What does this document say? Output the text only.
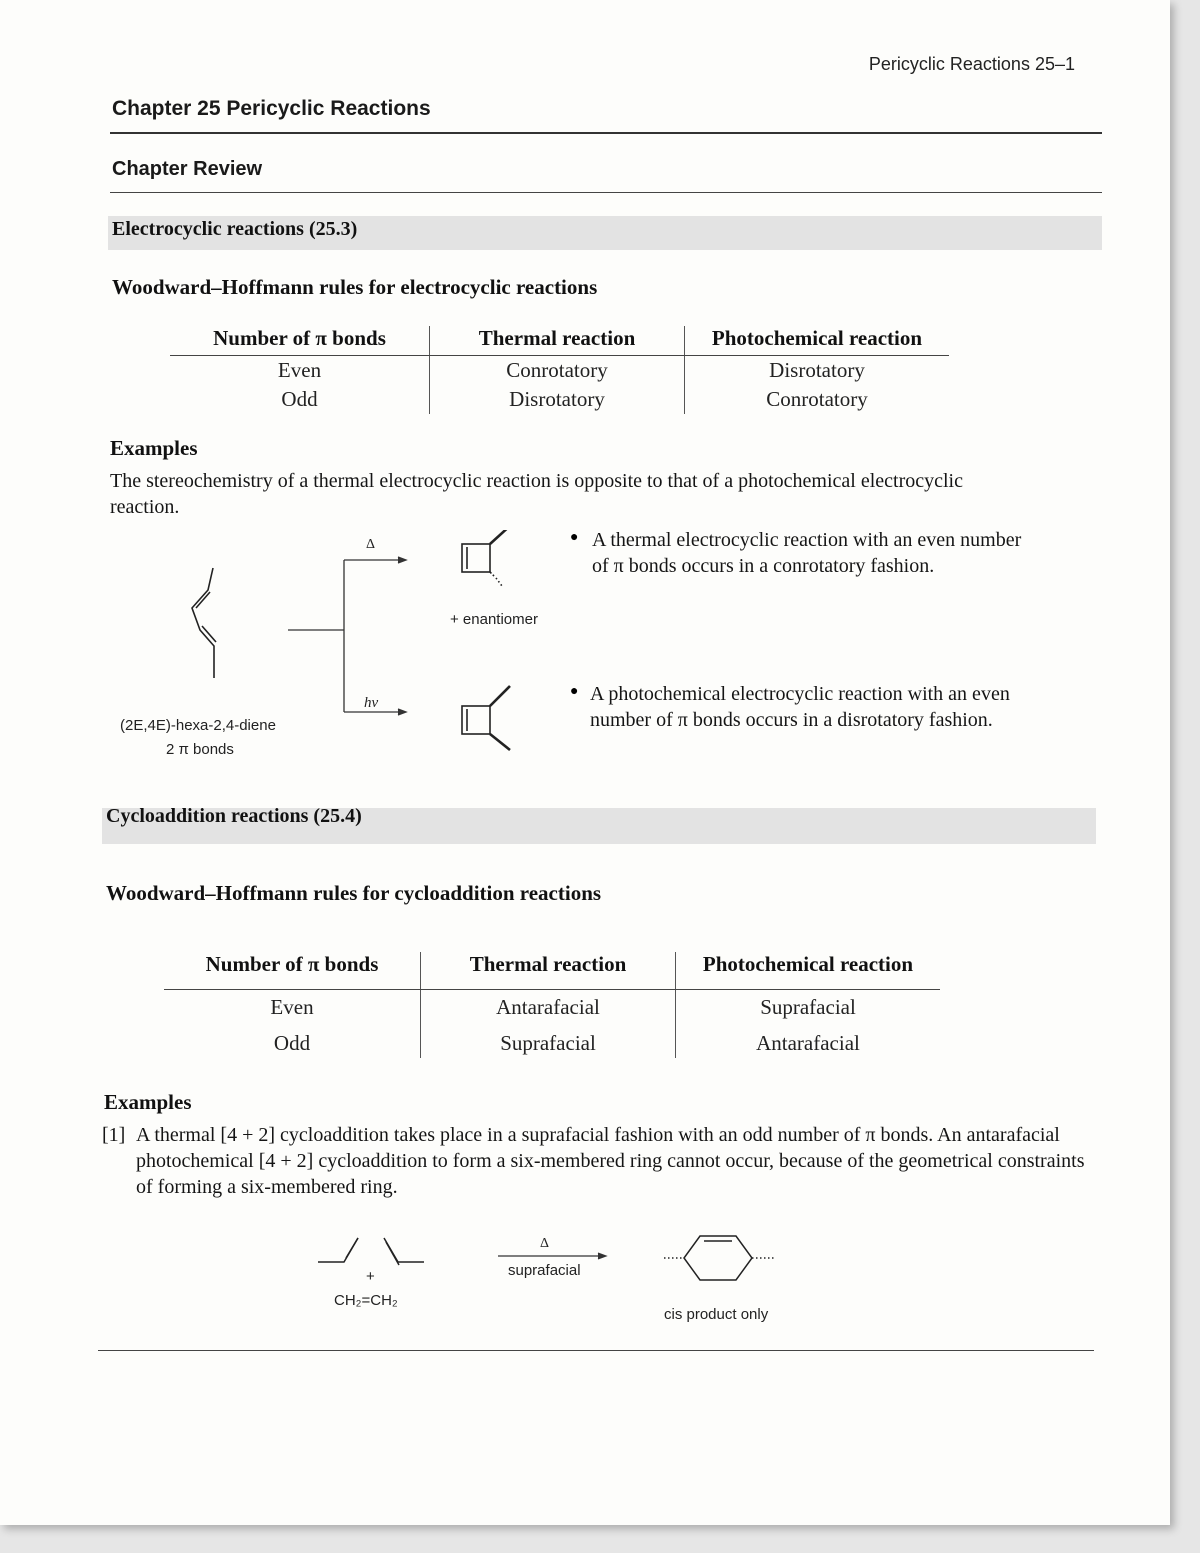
Pericyclic Reactions 25–1
Chapter 25 Pericyclic Reactions
Chapter Review
Electrocyclic reactions (25.3)
Woodward–Hoffmann rules for electrocyclic reactions
Number of π bonds	Thermal reaction	Photochemical reaction
Even	Conrotatory	Disrotatory
Odd	Disrotatory	Conrotatory
Examples
The stereochemistry of a thermal electrocyclic reaction is opposite to that of a photochemical electrocyclic reaction.
Δ
hv
+ enantiomer
(2E,4E)-hexa-2,4-diene
2 π bonds
● A thermal electrocyclic reaction with an even number of π bonds occurs in a conrotatory fashion.
● A photochemical electrocyclic reaction with an even number of π bonds occurs in a disrotatory fashion.
Cycloaddition reactions (25.4)
Woodward–Hoffmann rules for cycloaddition reactions
Number of π bonds	Thermal reaction	Photochemical reaction
Even	Antarafacial	Suprafacial
Odd	Suprafacial	Antarafacial
Examples
[1] A thermal [4 + 2] cycloaddition takes place in a suprafacial fashion with an odd number of π bonds. An antarafacial photochemical [4 + 2] cycloaddition to form a six-membered ring cannot occur, because of the geometrical constraints of forming a six-membered ring.
+
CH₂=CH₂
Δ
suprafacial
cis product only
